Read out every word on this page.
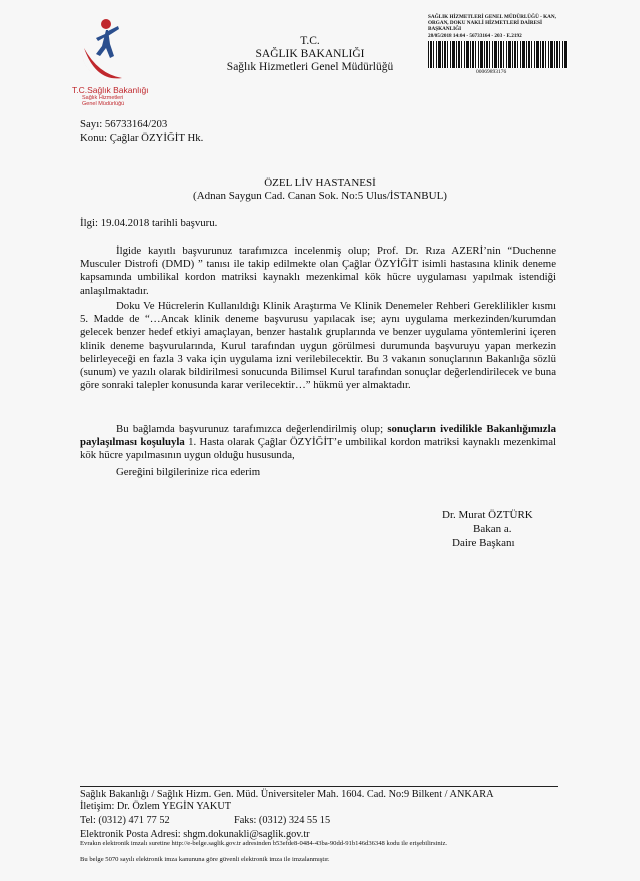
T.C.Sağlık Bakanlığı
Sağlık Hizmetleri
Genel Müdürlüğü
T.C.
SAĞLIK BAKANLIĞI
Sağlık Hizmetleri Genel Müdürlüğü
SAĞLIK HİZMETLERİ GENEL MÜDÜRLÜĞÜ - KAN,
ORGAN, DOKU NAKLİ HİZMETLERİ DAİRESİ
BAŞKANLIĞI
28/05/2018 14:04 - 56733164 - 203 - E.2192
00069893176
Sayı: 56733164/203
Konu: Çağlar ÖZYİĞİT Hk.
ÖZEL LİV HASTANESİ
(Adnan Saygun Cad. Canan Sok. No:5 Ulus/İSTANBUL)
İlgi: 19.04.2018 tarihli başvuru.
İlgide kayıtlı başvurunuz tarafımızca incelenmiş olup; Prof. Dr. Rıza AZERİ’nin “Duchenne Musculer Distrofi (DMD) ” tanısı ile takip edilmekte olan Çağlar ÖZYİĞİT isimli hastasına klinik deneme kapsamında umbilikal kordon matriksi kaynaklı mezenkimal kök hücre uygulaması yapılmak istendiği anlaşılmaktadır.
Doku Ve Hücrelerin Kullanıldığı Klinik Araştırma Ve Klinik Denemeler Rehberi Gereklilikler kısmı 5. Madde de “…Ancak klinik deneme başvurusu yapılacak ise; aynı uygulama merkezinden/kurumdan gelecek benzer hedef etkiyi amaçlayan, benzer hastalık gruplarında ve benzer uygulama yöntemlerini içeren klinik deneme başvurularında, Kurul tarafından uygun görülmesi durumunda başvuruyu yapan merkezin belirleyeceği en fazla 3 vaka için uygulama izni verilebilecektir. Bu 3 vakanın sonuçlarının Bakanlığa sözlü (sunum) ve yazılı olarak bildirilmesi sonucunda Bilimsel Kurul tarafından sonuçlar değerlendirilecek ve buna göre sonraki talepler konusunda karar verilecektir…” hükmü yer almaktadır.
Bu bağlamda başvurunuz tarafımızca değerlendirilmiş olup; sonuçların ivedilikle Bakanlığımızla paylaşılması koşuluyla 1. Hasta olarak Çağlar ÖZYİĞİT’e umbilikal kordon matriksi kaynaklı mezenkimal kök hücre yapılmasının uygun olduğu hususunda,
Gereğini bilgilerinize rica ederim
Dr. Murat ÖZTÜRK
Bakan a.
Daire Başkanı
Sağlık Bakanlığı / Sağlık Hizm. Gen. Müd. Üniversiteler Mah. 1604. Cad. No:9 Bilkent / ANKARA
İletişim: Dr. Özlem YEGİN YAKUT
Tel: (0312) 471 77 52	Faks: (0312) 324 55 15
Elektronik Posta Adresi: shgm.dokunakli@saglik.gov.tr
Evrakın elektronik imzalı suretine http://e-belge.saglik.gov.tr adresinden b53efde8-0484-43ba-90dd-91b146d36348 kodu ile erişebilirsiniz.
Bu belge 5070 sayılı elektronik imza kanununa göre güvenli elektronik imza ile imzalanmıştır.
